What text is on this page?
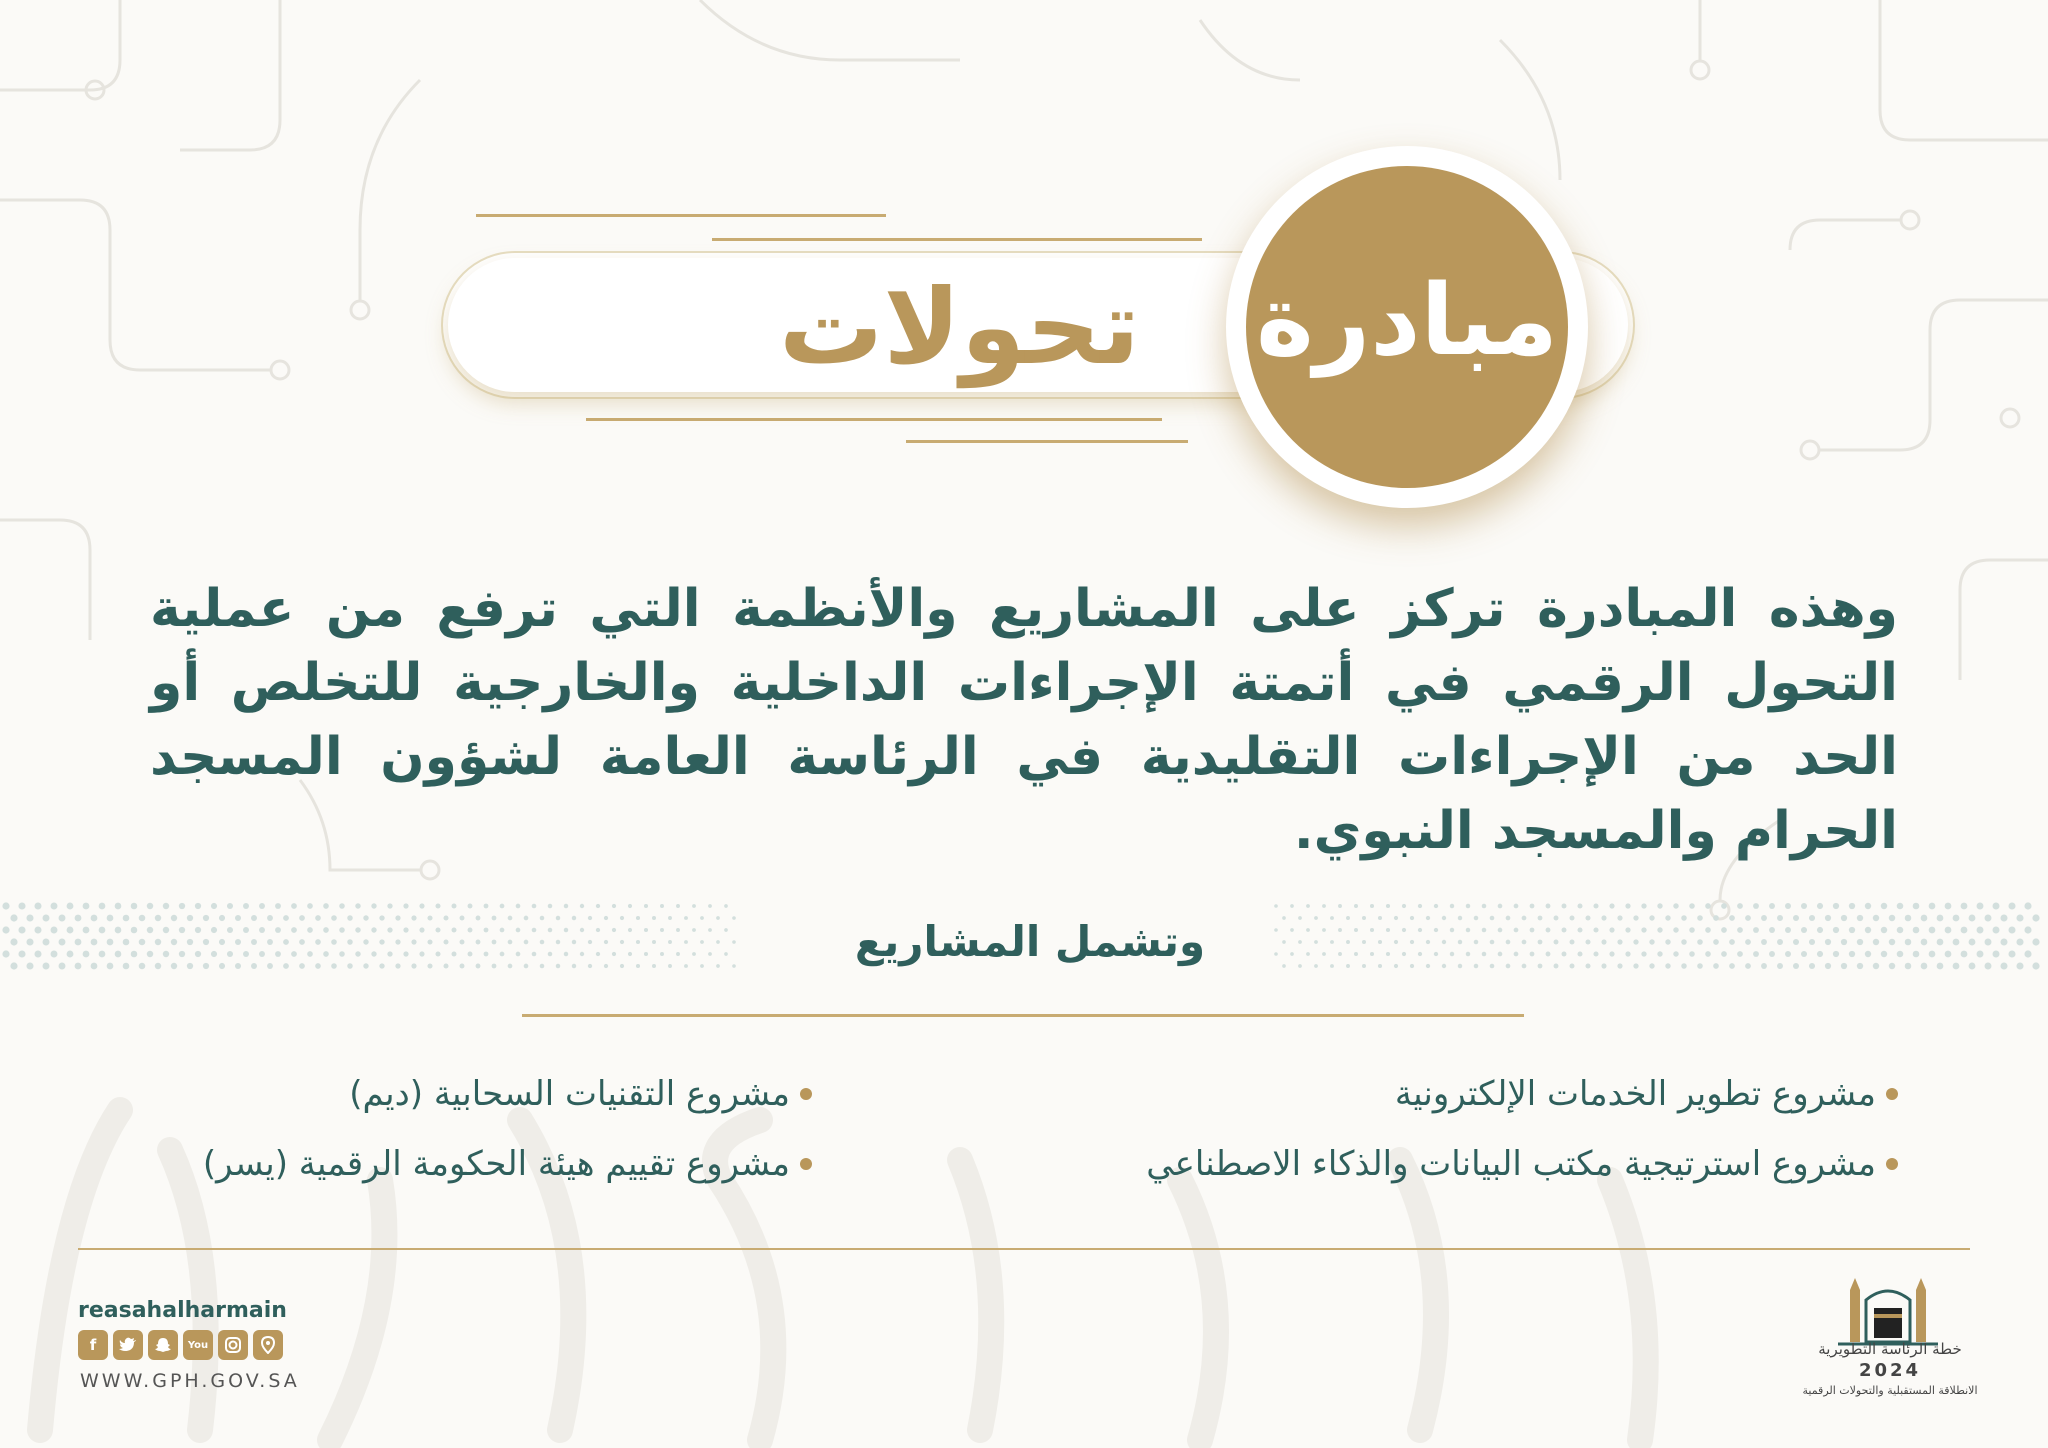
تحولات مبادرة
وهذه المبادرة تركز على المشاريع والأنظمة التي ترفع من عملية التحول الرقمي في أتمتة الإجراءات الداخلية والخارجية للتخلص أو الحد من الإجراءات التقليدية في الرئاسة العامة لشؤون المسجد الحرام والمسجد النبوي.
وتشمل المشاريع
مشروع تطوير الخدمات الإلكترونية
مشروع استرتيجية مكتب البيانات والذكاء الاصطناعي
مشروع التقنيات السحابية (ديم)
مشروع تقييم هيئة الحكومة الرقمية (يسر)
reasahalharmain
f	You

WWW.GPH.GOV.SA
خطة الرئاسة التطويرية
2024
الانطلاقة المستقبلية والتحولات الرقمية
